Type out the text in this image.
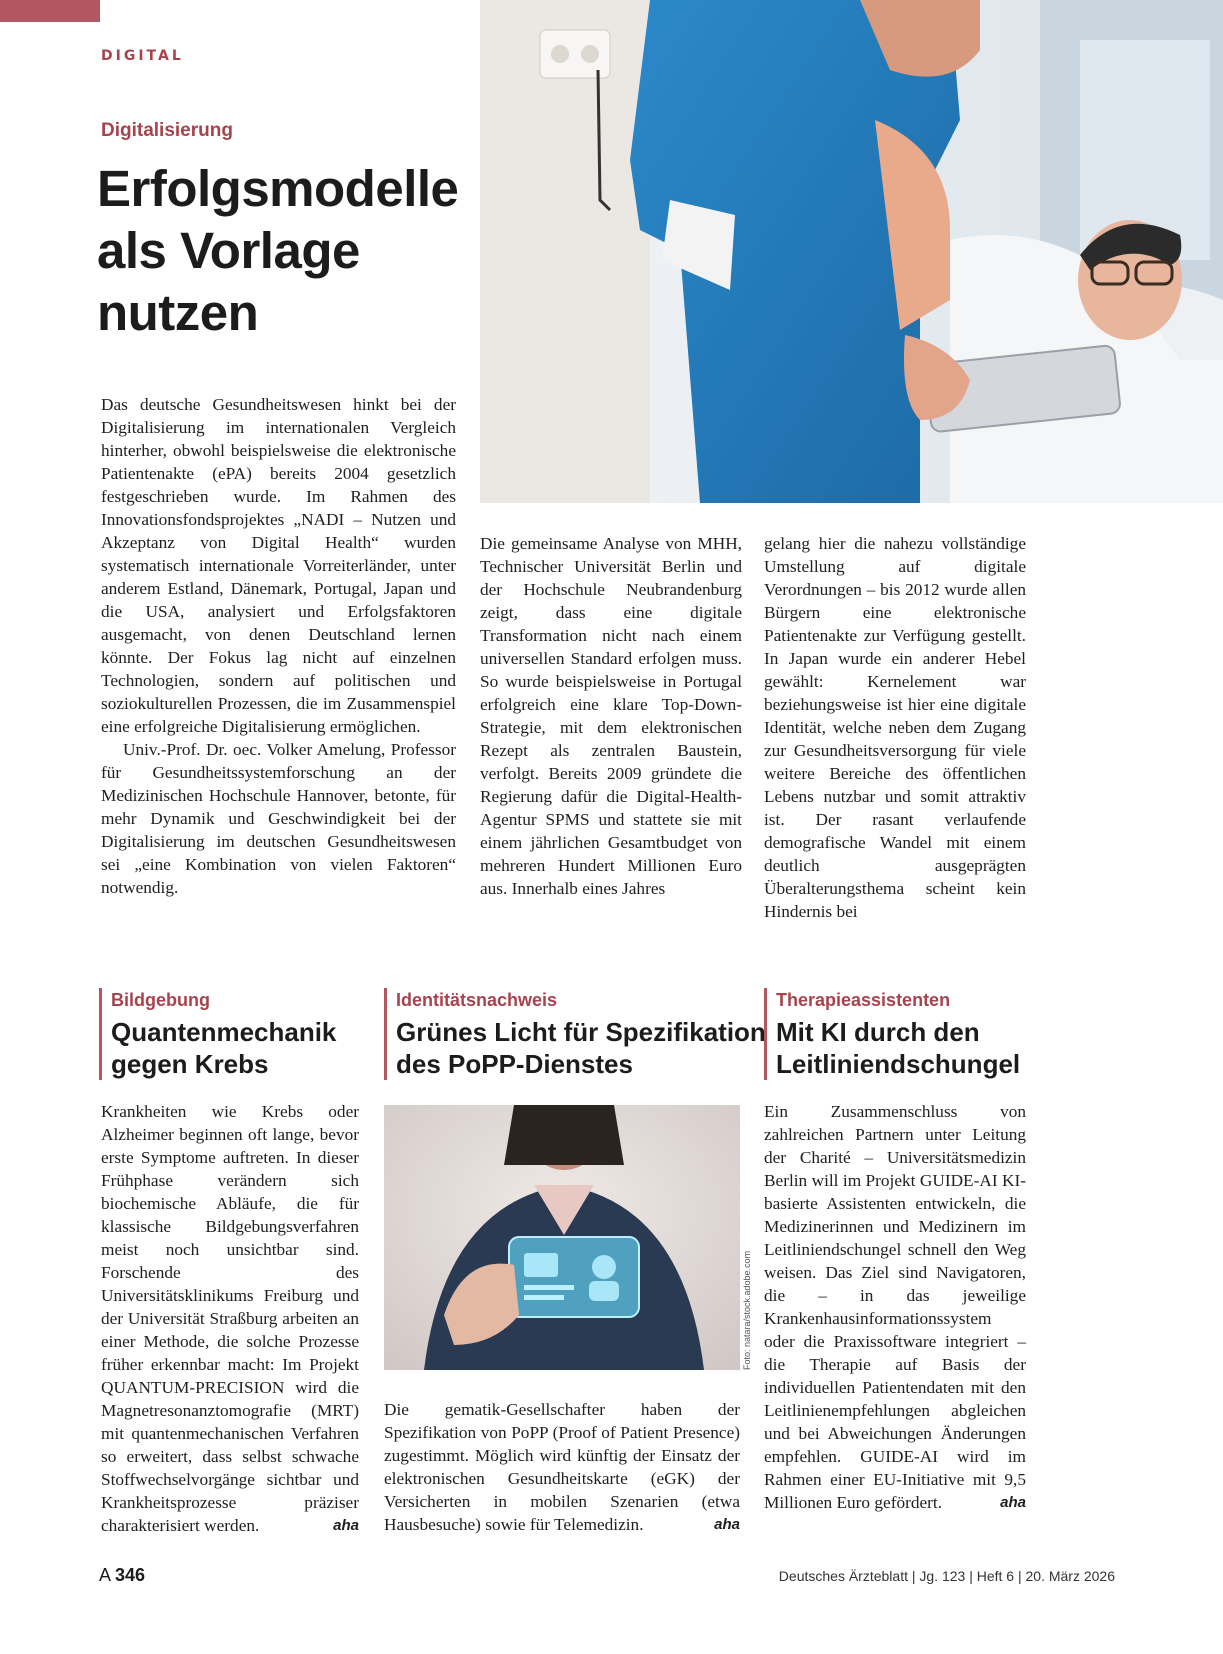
DIGITAL
Digitalisierung
Erfolgsmodelle
als Vorlage
nutzen

Das deutsche Gesundheitswesen hinkt bei der Digitalisierung im internationalen Vergleich hinterher, obwohl beispielsweise die elektronische Patientenakte (ePA) bereits 2004 gesetzlich festgeschrieben wurde. Im Rahmen des Innovationsfondsprojektes „NADI – Nutzen und Akzeptanz von Digital Health“ wurden systematisch internationale Vorreiterländer, unter anderem Estland, Dänemark, Portugal, Japan und die USA, analysiert und Erfolgsfaktoren ausgemacht, von denen Deutschland lernen könnte. Der Fokus lag nicht auf einzelnen Technologien, sondern auf politischen und soziokulturellen Prozessen, die im Zusammenspiel eine erfolgreiche Digitalisierung ermöglichen.

Univ.-Prof. Dr. oec. Volker Amelung, Professor für Gesundheitssystemforschung an der Medizinischen Hochschule Hannover, betonte, für mehr Dynamik und Geschwindigkeit bei der Digitalisierung im deutschen Gesundheitswesen sei „eine Kombination von vielen Faktoren“ notwendig.

Die gemeinsame Analyse von MHH, Technischer Universität Berlin und der Hochschule Neubrandenburg zeigt, dass eine digitale Transformation nicht nach einem universellen Standard erfolgen muss. So wurde beispielsweise in Portugal erfolgreich eine klare Top-Down-Strategie, mit dem elektronischen Rezept als zentralen Baustein, verfolgt. Bereits 2009 gründete die Regierung dafür die Digital-Health-Agentur SPMS und stattete sie mit einem jährlichen Gesamtbudget von mehreren Hundert Millionen Euro aus. Innerhalb eines Jahres

gelang hier die nahezu vollständige Umstellung auf digitale Verordnungen – bis 2012 wurde allen Bürgern eine elektronische Patientenakte zur Verfügung gestellt. In Japan wurde ein anderer Hebel gewählt: Kernelement war beziehungsweise ist hier eine digitale Identität, welche neben dem Zugang zur Gesundheitsversorgung für viele weitere Bereiche des öffentlichen Lebens nutzbar und somit attraktiv ist. Der rasant verlaufende demografische Wandel mit einem deutlich ausgeprägten Überalterungsthema scheint kein Hindernis bei

Bildgebung
Quantenmechanik gegen Krebs

Krankheiten wie Krebs oder Alzheimer beginnen oft lange, bevor erste Symptome auftreten. In dieser Frühphase verändern sich biochemische Abläufe, die für klassische Bildgebungsverfahren meist noch unsichtbar sind. Forschende des Universitätsklinikums Freiburg und der Universität Straßburg arbeiten an einer Methode, die solche Prozesse früher erkennbar macht: Im Projekt QUANTUM-PRECISION wird die Magnetresonanztomografie (MRT) mit quantenmechanischen Verfahren so erweitert, dass selbst schwache Stoffwechselvorgänge sichtbar und Krankheitsprozesse präziser charakterisiert werden.	aha

Identitätsnachweis
Grünes Licht für Spezifikation des PoPP-Dienstes
Foto: natara/stock.adobe.com

Die gematik-Gesellschafter haben der Spezifikation von PoPP (Proof of Patient Presence) zugestimmt. Möglich wird künftig der Einsatz der elektronischen Gesundheitskarte (eGK) der Versicherten in mobilen Szenarien (etwa Hausbesuche) sowie für Telemedizin.	aha

Therapieassistenten
Mit KI durch den Leitliniendschungel

Ein Zusammenschluss von zahlreichen Partnern unter Leitung der Charité – Universitätsmedizin Berlin will im Projekt GUIDE-AI KI-basierte Assistenten entwickeln, die Medizinerinnen und Medizinern im Leitliniendschungel schnell den Weg weisen. Das Ziel sind Navigatoren, die – in das jeweilige Krankenhausinformationssystem oder die Praxissoftware integriert – die Therapie auf Basis der individuellen Patientendaten mit den Leitlinienempfehlungen abgleichen und bei Abweichungen Änderungen empfehlen. GUIDE-AI wird im Rahmen einer EU-Initiative mit 9,5 Millionen Euro gefördert.	aha

A 346	Deutsches Ärzteblatt | Jg. 123 | Heft 6 | 20. März 2026
